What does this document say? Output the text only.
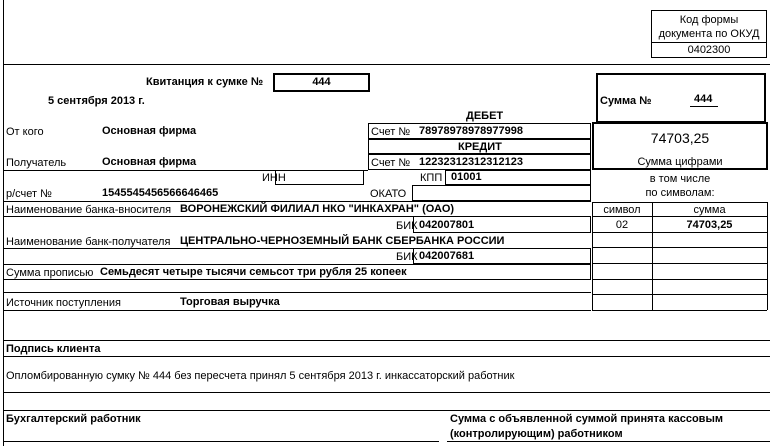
Код формы
документа по ОКУД
0402300
Квитанция к сумке №	444
5 сентября 2013 г.	Сумма №	444
74703,25
Сумма цифрами
в том числе
по символам:
символ	сумма
02	74703,25
ДЕБЕТ
От кого	Основная фирма	Счет № 78978978978977998
КРЕДИТ
Получатель	Основная фирма	Счет № 12232312312312123
ИНН	КПП 01001
р/счет №	1545545456566646465	ОКАТО
Наименование банка-вносителя ВОРОНЕЖСКИЙ ФИЛИАЛ НКО "ИНКАХРАН" (ОАО)
БИК 042007801
Наименование банк-получателя ЦЕНТРАЛЬНО-ЧЕРНОЗЕМНЫЙ БАНК СБЕРБАНКА РОССИИ
БИК 042007681
Сумма прописью Семьдесят четыре тысячи семьсот три рубля 25 копеек
Источник поступления	Торговая выручка
Подпись клиента
Опломбированную сумку № 444 без пересчета принял 5 сентября 2013 г. инкассаторский работник
Бухгалтерский работник	Сумма с объявленной суммой принята кассовым
(контролирующим) работником
